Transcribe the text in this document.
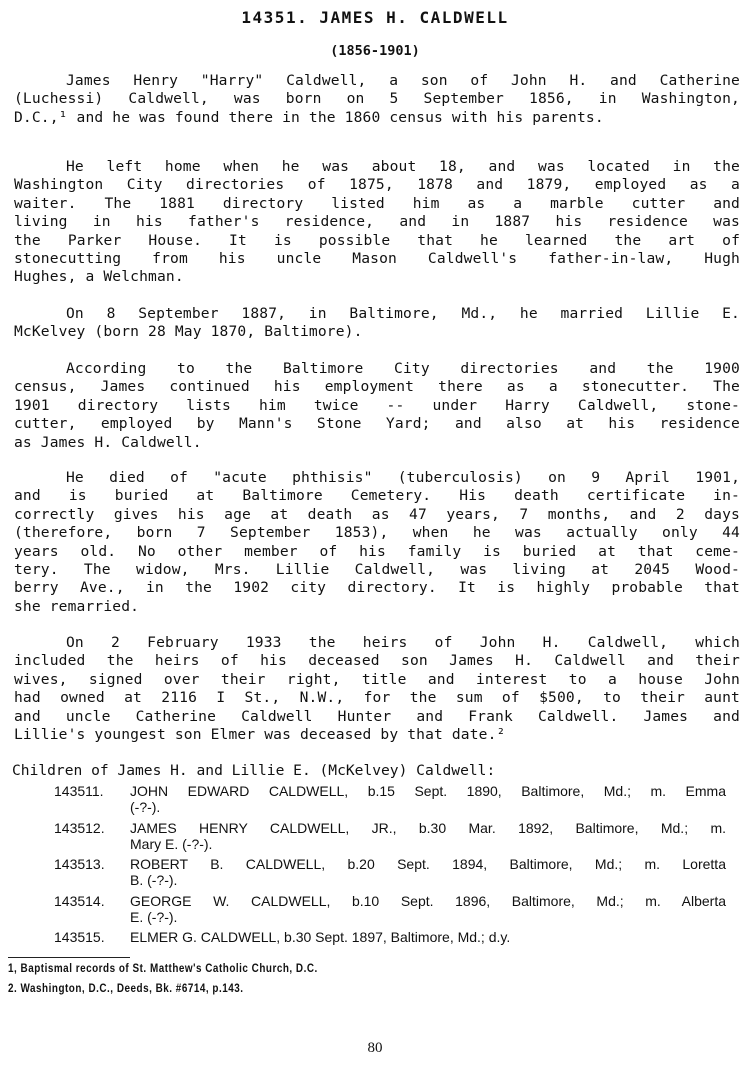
14351. JAMES H. CALDWELL
(1856-1901)
James Henry "Harry" Caldwell, a son of John H. and Catherine
(Luchessi) Caldwell, was born on 5 September 1856, in Washington,
D.C.,¹ and he was found there in the 1860 census with his parents.
He left home when he was about 18, and was located in the
Washington City directories of 1875, 1878 and 1879, employed as a
waiter. The 1881 directory listed him as a marble cutter and
living in his father's residence, and in 1887 his residence was
the Parker House. It is possible that he learned the art of
stonecutting from his uncle Mason Caldwell's father-in-law, Hugh
Hughes, a Welchman.
On 8 September 1887, in Baltimore, Md., he married Lillie E.
McKelvey (born 28 May 1870, Baltimore).
According to the Baltimore City directories and the 1900
census, James continued his employment there as a stonecutter. The
1901 directory lists him twice -- under Harry Caldwell, stone-
cutter, employed by Mann's Stone Yard; and also at his residence
as James H. Caldwell.
He died of "acute phthisis" (tuberculosis) on 9 April 1901,
and is buried at Baltimore Cemetery. His death certificate in-
correctly gives his age at death as 47 years, 7 months, and 2 days
(therefore, born 7 September 1853), when he was actually only 44
years old. No other member of his family is buried at that ceme-
tery. The widow, Mrs. Lillie Caldwell, was living at 2045 Wood-
berry Ave., in the 1902 city directory. It is highly probable that
she remarried.
On 2 February 1933 the heirs of John H. Caldwell, which
included the heirs of his deceased son James H. Caldwell and their
wives, signed over their right, title and interest to a house John
had owned at 2116 I St., N.W., for the sum of $500, to their aunt
and uncle Catherine Caldwell Hunter and Frank Caldwell. James and
Lillie's youngest son Elmer was deceased by that date.²
Children of James H. and Lillie E. (McKelvey) Caldwell:
143511. JOHN EDWARD CALDWELL, b.15 Sept. 1890, Baltimore, Md.; m. Emma
(-?-).
143512. JAMES HENRY CALDWELL, JR., b.30 Mar. 1892, Baltimore, Md.; m.
Mary E. (-?-).
143513. ROBERT B. CALDWELL, b.20 Sept. 1894, Baltimore, Md.; m. Loretta
B. (-?-).
143514. GEORGE W. CALDWELL, b.10 Sept. 1896, Baltimore, Md.; m. Alberta
E. (-?-).
143515. ELMER G. CALDWELL, b.30 Sept. 1897, Baltimore, Md.; d.y.
1, Baptismal records of St. Matthew's Catholic Church, D.C.
2. Washington, D.C., Deeds, Bk. #6714, p.143.
80
